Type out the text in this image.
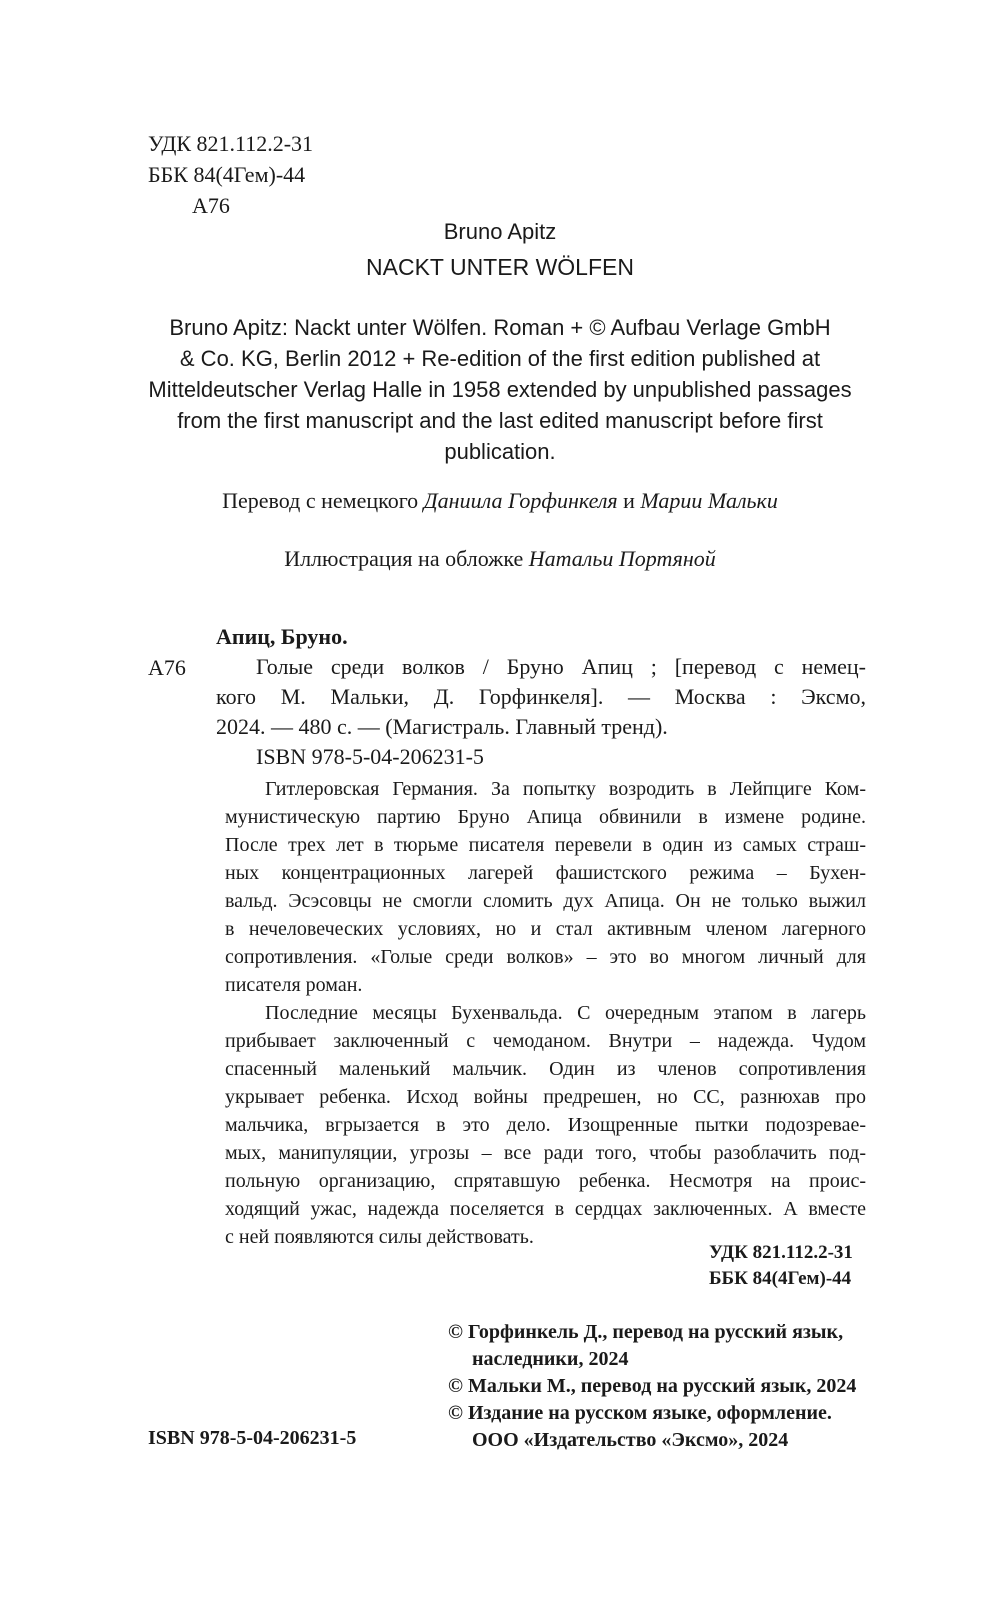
УДК 821.112.2-31
ББК 84(4Гем)-44
А76
Bruno Apitz
NACKT UNTER WÖLFEN
Bruno Apitz: Nackt unter Wölfen. Roman + © Aufbau Verlage GmbH
& Co. KG, Berlin 2012 + Re-edition of the first edition published at
Mitteldeutscher Verlag Halle in 1958 extended by unpublished passages
from the first manuscript and the last edited manuscript before first
publication.
Перевод с немецкого Даниила Горфинкеля и Марии Мальки
Иллюстрация на обложке Натальи Портяной
Апиц, Бруно.
А76	Голые среди волков / Бруно Апиц ; [перевод с немец-
кого М. Мальки, Д. Горфинкеля]. — Москва : Эксмо,
2024. — 480 с. — (Магистраль. Главный тренд).
ISBN 978-5-04-206231-5
Гитлеровская Германия. За попытку возродить в Лейпциге Ком-
мунистическую партию Бруно Апица обвинили в измене родине.
После трех лет в тюрьме писателя перевели в один из самых страш-
ных концентрационных лагерей фашистского режима – Бухен-
вальд. Эсэсовцы не смогли сломить дух Апица. Он не только выжил
в нечеловеческих условиях, но и стал активным членом лагерного
сопротивления. «Голые среди волков» – это во многом личный для
писателя роман.
Последние месяцы Бухенвальда. С очередным этапом в лагерь
прибывает заключенный с чемоданом. Внутри – надежда. Чудом
спасенный маленький мальчик. Один из членов сопротивления
укрывает ребенка. Исход войны предрешен, но СС, разнюхав про
мальчика, вгрызается в это дело. Изощренные пытки подозревае-
мых, манипуляции, угрозы – все ради того, чтобы разоблачить под-
польную организацию, спрятавшую ребенка. Несмотря на проис-
ходящий ужас, надежда поселяется в сердцах заключенных. А вместе
с ней появляются силы действовать.
УДК 821.112.2-31
ББК 84(4Гем)-44
© Горфинкель Д., перевод на русский язык,
наследники, 2024
© Мальки М., перевод на русский язык, 2024
© Издание на русском языке, оформление.
ООО «Издательство «Эксмо», 2024
ISBN 978-5-04-206231-5
